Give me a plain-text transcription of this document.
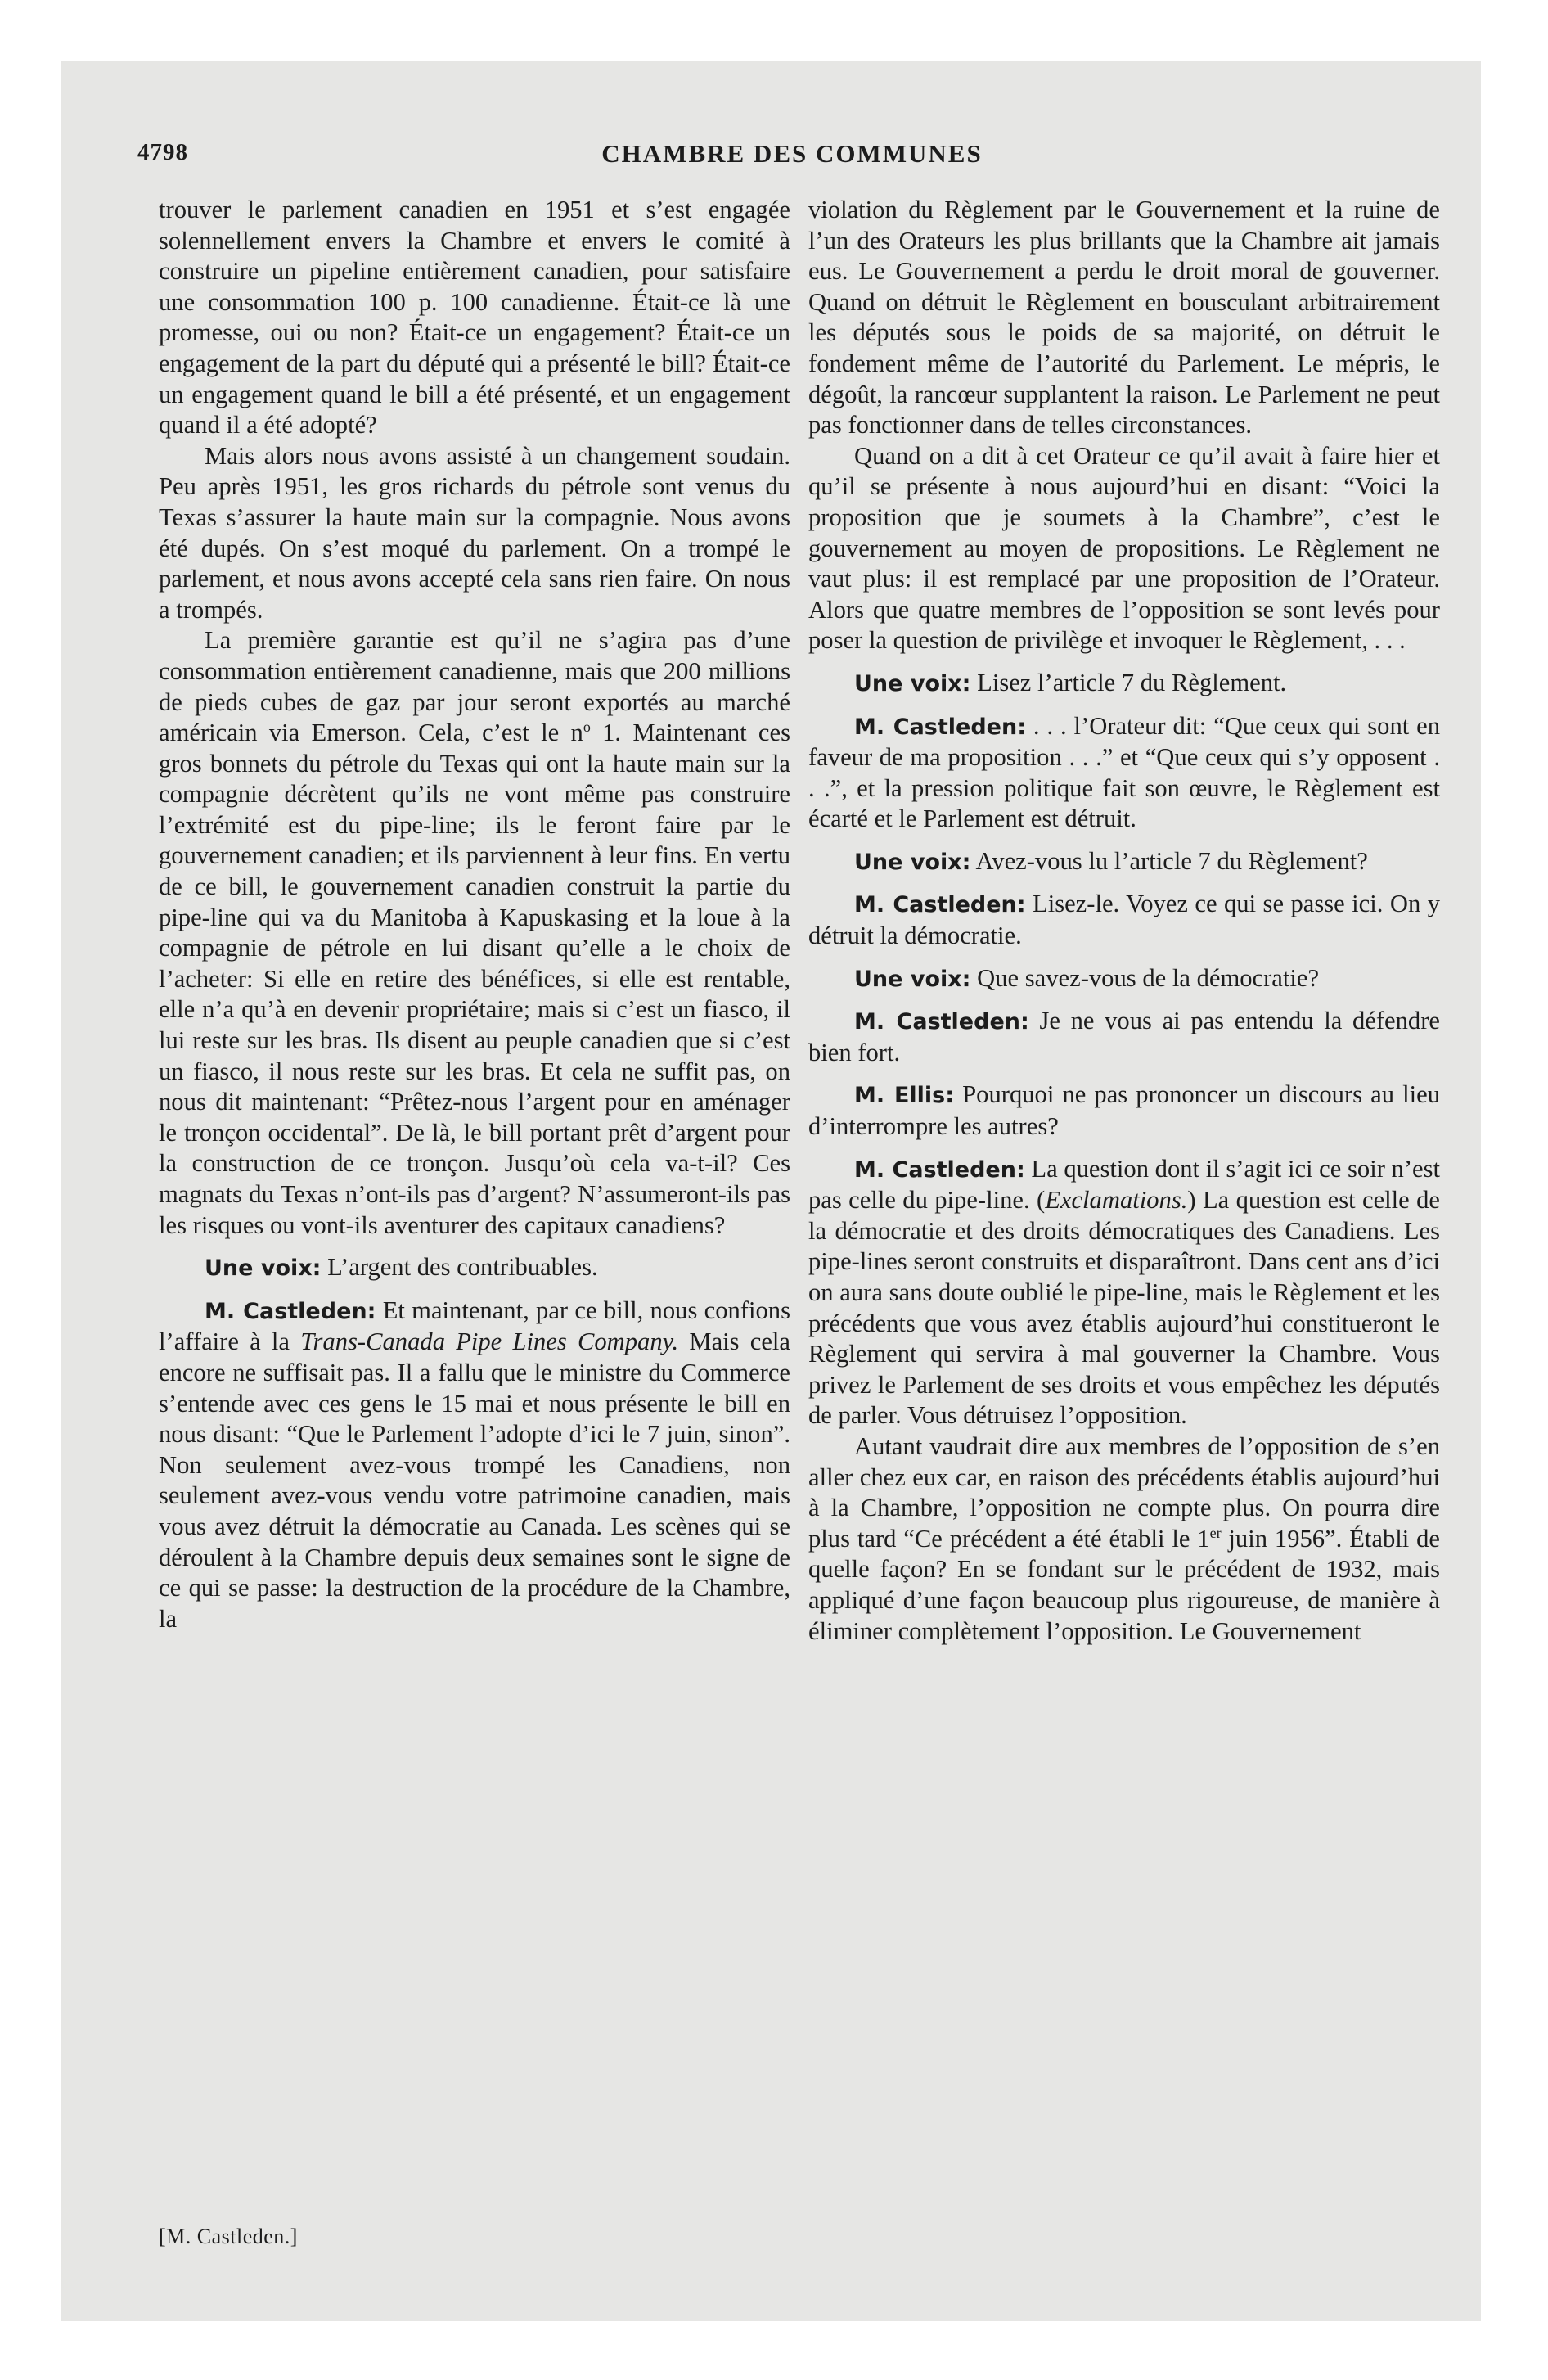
4798	CHAMBRE DES COMMUNES

trouver le parlement canadien en 1951 et s’est engagée solennellement envers la Chambre et envers le comité à construire un pipeline entièrement canadien, pour satisfaire une consommation 100 p. 100 canadienne. Était-ce là une promesse, oui ou non? Était-ce un engagement? Était-ce un engagement de la part du député qui a présenté le bill? Était-ce un engagement quand le bill a été présenté, et un engagement quand il a été adopté?

Mais alors nous avons assisté à un changement soudain. Peu après 1951, les gros richards du pétrole sont venus du Texas s’assurer la haute main sur la compagnie. Nous avons été dupés. On s’est moqué du parlement. On a trompé le parlement, et nous avons accepté cela sans rien faire. On nous a trompés.

La première garantie est qu’il ne s’agira pas d’une consommation entièrement canadienne, mais que 200 millions de pieds cubes de gaz par jour seront exportés au marché américain via Emerson. Cela, c’est le $n^o$ 1. Maintenant ces gros bonnets du pétrole du Texas qui ont la haute main sur la compagnie décrètent qu’ils ne vont même pas construire l’extrémité est du pipe-line; ils le feront faire par le gouvernement canadien; et ils parviennent à leur fins. En vertu de ce bill, le gouvernement canadien construit la partie du pipe-line qui va du Manitoba à Kapuskasing et la loue à la compagnie de pétrole en lui disant qu’elle a le choix de l’acheter: Si elle en retire des bénéfices, si elle est rentable, elle n’a qu’à en devenir propriétaire; mais si c’est un fiasco, il lui reste sur les bras. Ils disent au peuple canadien que si c’est un fiasco, il nous reste sur les bras. Et cela ne suffit pas, on nous dit maintenant: “Prêtez-nous l’argent pour en aménager le tronçon occidental”. De là, le bill portant prêt d’argent pour la construction de ce tronçon. Jusqu’où cela va-t-il? Ces magnats du Texas n’ont-ils pas d’argent? N’assumeront-ils pas les risques ou vont-ils aventurer des capitaux canadiens?

Une voix: L’argent des contribuables.

M. Castleden: Et maintenant, par ce bill, nous confions l’affaire à la Trans-Canada Pipe Lines Company. Mais cela encore ne suffisait pas. Il a fallu que le ministre du Commerce s’entende avec ces gens le 15 mai et nous présente le bill en nous disant: “Que le Parlement l’adopte d’ici le 7 juin, sinon”. Non seulement avez-vous trompé les Canadiens, non seulement avez-vous vendu votre patrimoine canadien, mais vous avez détruit la démocratie au Canada. Les scènes qui se déroulent à la Chambre depuis deux semaines sont le signe de ce qui se passe: la destruction de la procédure de la Chambre, la

violation du Règlement par le Gouvernement et la ruine de l’un des Orateurs les plus brillants que la Chambre ait jamais eus. Le Gouvernement a perdu le droit moral de gouverner. Quand on détruit le Règlement en bousculant arbitrairement les députés sous le poids de sa majorité, on détruit le fondement même de l’autorité du Parlement. Le mépris, le dégoût, la rancœur supplantent la raison. Le Parlement ne peut pas fonctionner dans de telles circonstances.

Quand on a dit à cet Orateur ce qu’il avait à faire hier et qu’il se présente à nous aujourd’hui en disant: “Voici la proposition que je soumets à la Chambre”, c’est le gouvernement au moyen de propositions. Le Règlement ne vaut plus: il est remplacé par une proposition de l’Orateur. Alors que quatre membres de l’opposition se sont levés pour poser la question de privilège et invoquer le Règlement, . . .

Une voix: Lisez l’article 7 du Règlement.

M. Castleden: . . . l’Orateur dit: “Que ceux qui sont en faveur de ma proposition . . .” et “Que ceux qui s’y opposent . . .”, et la pression politique fait son œuvre, le Règlement est écarté et le Parlement est détruit.

Une voix: Avez-vous lu l’article 7 du Règlement?

M. Castleden: Lisez-le. Voyez ce qui se passe ici. On y détruit la démocratie.

Une voix: Que savez-vous de la démocratie?

M. Castleden: Je ne vous ai pas entendu la défendre bien fort.

M. Ellis: Pourquoi ne pas prononcer un discours au lieu d’interrompre les autres?

M. Castleden: La question dont il s’agit ici ce soir n’est pas celle du pipe-line. (Exclamations.) La question est celle de la démocratie et des droits démocratiques des Canadiens. Les pipe-lines seront construits et disparaîtront. Dans cent ans d’ici on aura sans doute oublié le pipe-line, mais le Règlement et les précédents que vous avez établis aujourd’hui constitueront le Règlement qui servira à mal gouverner la Chambre. Vous privez le Parlement de ses droits et vous empêchez les députés de parler. Vous détruisez l’opposition.

Autant vaudrait dire aux membres de l’opposition de s’en aller chez eux car, en raison des précédents établis aujourd’hui à la Chambre, l’opposition ne compte plus. On pourra dire plus tard “Ce précédent a été établi le 1er juin 1956”. Établi de quelle façon? En se fondant sur le précédent de 1932, mais appliqué d’une façon beaucoup plus rigoureuse, de manière à éliminer complètement l’opposition. Le Gouvernement

[M. Castleden.]
